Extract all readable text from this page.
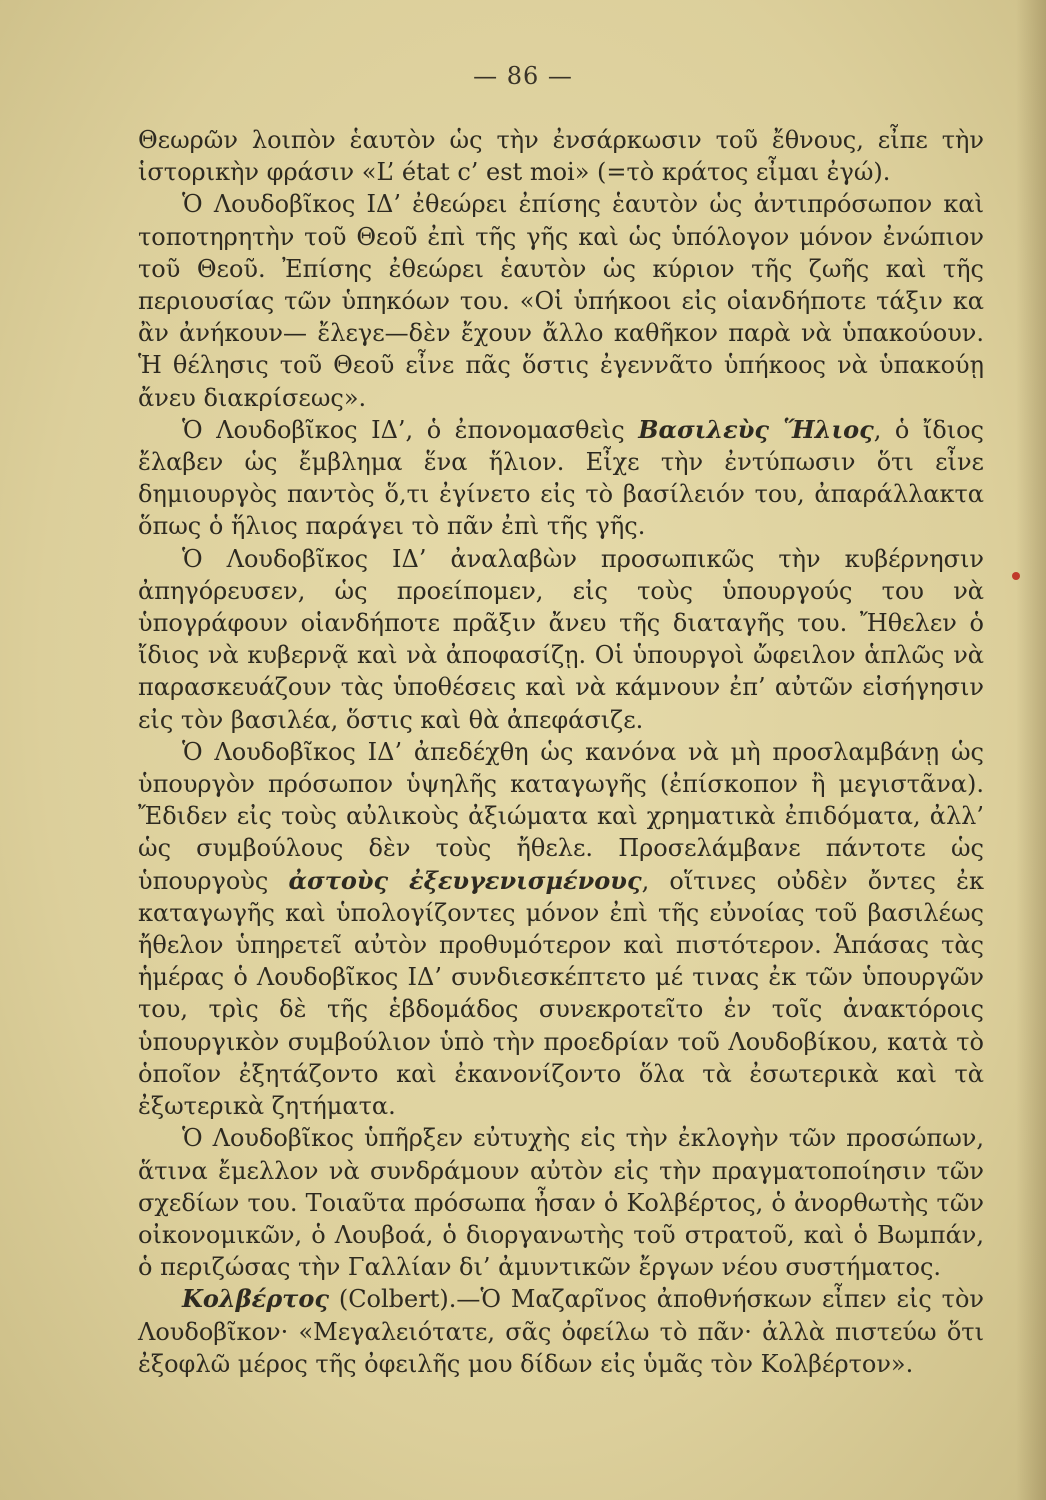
— 86 —

Θεωρῶν λοιπὸν ἑαυτὸν ὡς τὴν ἐνσάρκωσιν τοῦ ἔθνους, εἶπε τὴν ἱστορικὴν φράσιν «L’ état c’ est moi» (=τὸ κράτος εἶμαι ἐγώ).

Ὁ Λουδοβῖκος ΙΔ’ ἐθεώρει ἐπίσης ἑαυτὸν ὡς ἀντιπρόσωπον καὶ τοποτηρητὴν τοῦ Θεοῦ ἐπὶ τῆς γῆς καὶ ὡς ὑπόλογον μόνον ἐνώπιον τοῦ Θεοῦ. Ἐπίσης ἐθεώρει ἑαυτὸν ὡς κύριον τῆς ζωῆς καὶ τῆς περιουσίας τῶν ὑπηκόων του. «Οἱ ὑπήκοοι εἰς οἱανδήποτε τάξιν κα ἂν ἀνήκουν— ἔλεγε—δὲν ἔχουν ἄλλο καθῆκον παρὰ νὰ ὑπακούουν. Ἡ θέλησις τοῦ Θεοῦ εἶνε πᾶς ὅστις ἐγεννᾶτο ὑπήκοος νὰ ὑπακούῃ ἄνευ διακρίσεως».

Ὁ Λουδοβῖκος ΙΔ’, ὁ ἐπονομασθεὶς Βασιλεὺς Ἥλιος, ὁ ἴδιος ἔλαβεν ὡς ἔμβλημα ἕνα ἥλιον. Εἶχε τὴν ἐντύπωσιν ὅτι εἶνε δημιουργὸς παντὸς ὅ,τι ἐγίνετο εἰς τὸ βασίλειόν του, ἀπαράλλακτα ὅπως ὁ ἥλιος παράγει τὸ πᾶν ἐπὶ τῆς γῆς.

Ὁ Λουδοβῖκος ΙΔ’ ἀναλαβὼν προσωπικῶς τὴν κυβέρνησιν ἀπηγόρευσεν, ὡς προείπομεν, εἰς τοὺς ὑπουργούς του νὰ ὑπογράφουν οἱανδήποτε πρᾶξιν ἄνευ τῆς διαταγῆς του. Ἤθελεν ὁ ἴδιος νὰ κυβερνᾷ καὶ νὰ ἀποφασίζῃ. Οἱ ὑπουργοὶ ὤφειλον ἁπλῶς νὰ παρασκευάζουν τὰς ὑποθέσεις καὶ νὰ κάμνουν ἐπ’ αὐτῶν εἰσήγησιν εἰς τὸν βασιλέα, ὅστις καὶ θὰ ἀπεφάσιζε.

Ὁ Λουδοβῖκος ΙΔ’ ἀπεδέχθη ὡς κανόνα νὰ μὴ προσλαμβάνῃ ὡς ὑπουργὸν πρόσωπον ὑψηλῆς καταγωγῆς (ἐπίσκοπον ἢ μεγιστᾶνα). Ἔδιδεν εἰς τοὺς αὐλικοὺς ἀξιώματα καὶ χρηματικὰ ἐπιδόματα, ἀλλ’ ὡς συμβούλους δὲν τοὺς ἤθελε. Προσελάμβανε πάντοτε ὡς ὑπουργοὺς ἀστοὺς ἐξευγενισμένους, οἵτινες οὐδὲν ὄντες ἐκ καταγωγῆς καὶ ὑπολογίζοντες μόνον ἐπὶ τῆς εὐνοίας τοῦ βασιλέως ἤθελον ὑπηρετεῖ αὐτὸν προθυμότερον καὶ πιστότερον. Ἁπάσας τὰς ἡμέρας ὁ Λουδοβῖκος ΙΔ’ συνδιεσκέπτετο μέ τινας ἐκ τῶν ὑπουργῶν του, τρὶς δὲ τῆς ἑβδομάδος συνεκροτεῖτο ἐν τοῖς ἀνακτόροις ὑπουργικὸν συμβούλιον ὑπὸ τὴν προεδρίαν τοῦ Λουδοβίκου, κατὰ τὸ ὁποῖον ἐξητάζοντο καὶ ἐκανονίζοντο ὅλα τὰ ἐσωτερικὰ καὶ τὰ ἐξωτερικὰ ζητήματα.

Ὁ Λουδοβῖκος ὑπῆρξεν εὐτυχὴς εἰς τὴν ἐκλογὴν τῶν προσώπων, ἅτινα ἔμελλον νὰ συνδράμουν αὐτὸν εἰς τὴν πραγματοποίησιν τῶν σχεδίων του. Τοιαῦτα πρόσωπα ἦσαν ὁ Κολβέρτος, ὁ ἀνορθωτὴς τῶν οἰκονομικῶν, ὁ Λουβοά, ὁ διοργανωτὴς τοῦ στρατοῦ, καὶ ὁ Βωμπάν, ὁ περιζώσας τὴν Γαλλίαν δι’ ἀμυντικῶν ἔργων νέου συστήματος.

Κολβέρτος (Colbert).—Ὁ Μαζαρῖνος ἀποθνήσκων εἶπεν εἰς τὸν Λουδοβῖκον· «Μεγαλειότατε, σᾶς ὀφείλω τὸ πᾶν· ἀλλὰ πιστεύω ὅτι ἐξοφλῶ μέρος τῆς ὀφειλῆς μου δίδων εἰς ὑμᾶς τὸν Κολβέρτον».
